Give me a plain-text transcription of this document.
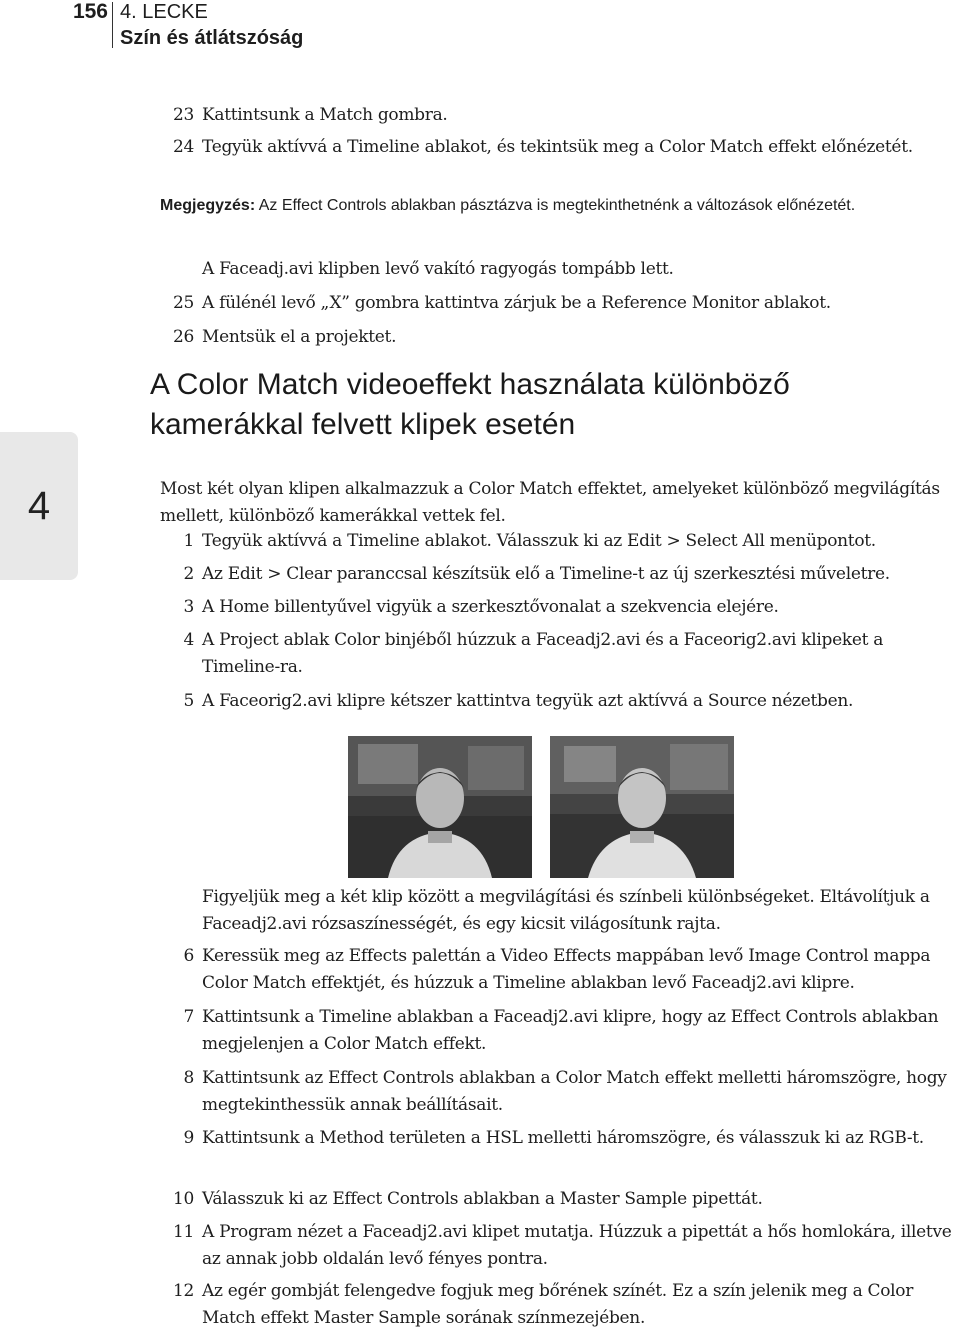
156 4. LECKE
Szín és átlátszóság
4
23 Kattintsunk a Match gombra.
24 Tegyük aktívvá a Timeline ablakot, és tekintsük meg a Color Match effekt előnézetét.
Megjegyzés: Az Effect Controls ablakban pásztázva is megtekinthetnénk a változások előnézetét.
A Faceadj.avi klipben levő vakító ragyogás tompább lett.
25 A fülénél levő „X” gombra kattintva zárjuk be a Reference Monitor ablakot.
26 Mentsük el a projektet.
A Color Match videoeffekt használata különböző kamerákkal felvett klipek esetén
Most két olyan klipen alkalmazzuk a Color Match effektet, amelyeket különböző megvilágítás mellett, különböző kamerákkal vettek fel.
1 Tegyük aktívvá a Timeline ablakot. Válasszuk ki az Edit > Select All menüpontot.
2 Az Edit > Clear paranccsal készítsük elő a Timeline-t az új szerkesztési műveletre.
3 A Home billentyűvel vigyük a szerkesztővonalat a szekvencia elejére.
4 A Project ablak Color binjéből húzzuk a Faceadj2.avi és a Faceorig2.avi klipeket a Timeline-ra.
5 A Faceorig2.avi klipre kétszer kattintva tegyük azt aktívvá a Source nézetben.
Figyeljük meg a két klip között a megvilágítási és színbeli különbségeket. Eltávolítjuk a Faceadj2.avi rózsaszínességét, és egy kicsit világosítunk rajta.
6 Keressük meg az Effects palettán a Video Effects mappában levő Image Control mappa Color Match effektjét, és húzzuk a Timeline ablakban levő Faceadj2.avi klipre.
7 Kattintsunk a Timeline ablakban a Faceadj2.avi klipre, hogy az Effect Controls ablakban megjelenjen a Color Match effekt.
8 Kattintsunk az Effect Controls ablakban a Color Match effekt melletti háromszögre, hogy megtekinthessük annak beállításait.
9 Kattintsunk a Method területen a HSL melletti háromszögre, és válasszuk ki az RGB-t.
10 Válasszuk ki az Effect Controls ablakban a Master Sample pipettát.
11 A Program nézet a Faceadj2.avi klipet mutatja. Húzzuk a pipettát a hős homlokára, illetve az annak jobb oldalán levő fényes pontra.
12 Az egér gombját felengedve fogjuk meg bőrének színét. Ez a szín jelenik meg a Color Match effekt Master Sample sorának színmezejében.
